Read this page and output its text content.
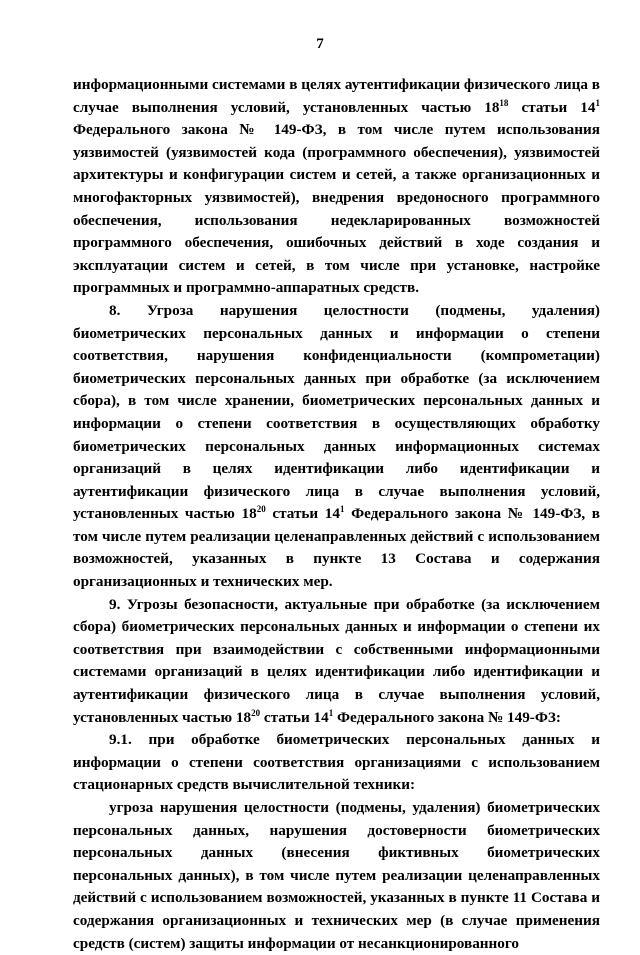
7

информационными системами в целях аутентификации физического лица в случае выполнения условий, установленных частью $18^{18}$ статьи $14^1$ Федерального закона № 149-ФЗ, в том числе путем использования уязвимостей (уязвимостей кода (программного обеспечения), уязвимостей архитектуры и конфигурации систем и сетей, а также организационных и многофакторных уязвимостей), внедрения вредоносного программного обеспечения, использования недекларированных возможностей программного обеспечения, ошибочных действий в ходе создания и эксплуатации систем и сетей, в том числе при установке, настройке программных и программно-аппаратных средств.

8. Угроза нарушения целостности (подмены, удаления) биометрических персональных данных и информации о степени соответствия, нарушения конфиденциальности (компрометации) биометрических персональных данных при обработке (за исключением сбора), в том числе хранении, биометрических персональных данных и информации о степени соответствия в осуществляющих обработку биометрических персональных данных информационных системах организаций в целях идентификации либо идентификации и аутентификации физического лица в случае выполнения условий, установленных частью $18^{20}$ статьи $14^1$ Федерального закона № 149-ФЗ, в том числе путем реализации целенаправленных действий с использованием возможностей, указанных в пункте 13 Состава и содержания организационных и технических мер.

9. Угрозы безопасности, актуальные при обработке (за исключением сбора) биометрических персональных данных и информации о степени их соответствия при взаимодействии с собственными информационными системами организаций в целях идентификации либо идентификации и аутентификации физического лица в случае выполнения условий, установленных частью $18^{20}$ статьи $14^1$ Федерального закона № 149-ФЗ:

9.1. при обработке биометрических персональных данных и информации о степени соответствия организациями с использованием стационарных средств вычислительной техники:

угроза нарушения целостности (подмены, удаления) биометрических персональных данных, нарушения достоверности биометрических персональных данных (внесения фиктивных биометрических персональных данных), в том числе путем реализации целенаправленных действий с использованием возможностей, указанных в пункте 11 Состава и содержания организационных и технических мер (в случае применения средств (систем) защиты информации от несанкционированного
